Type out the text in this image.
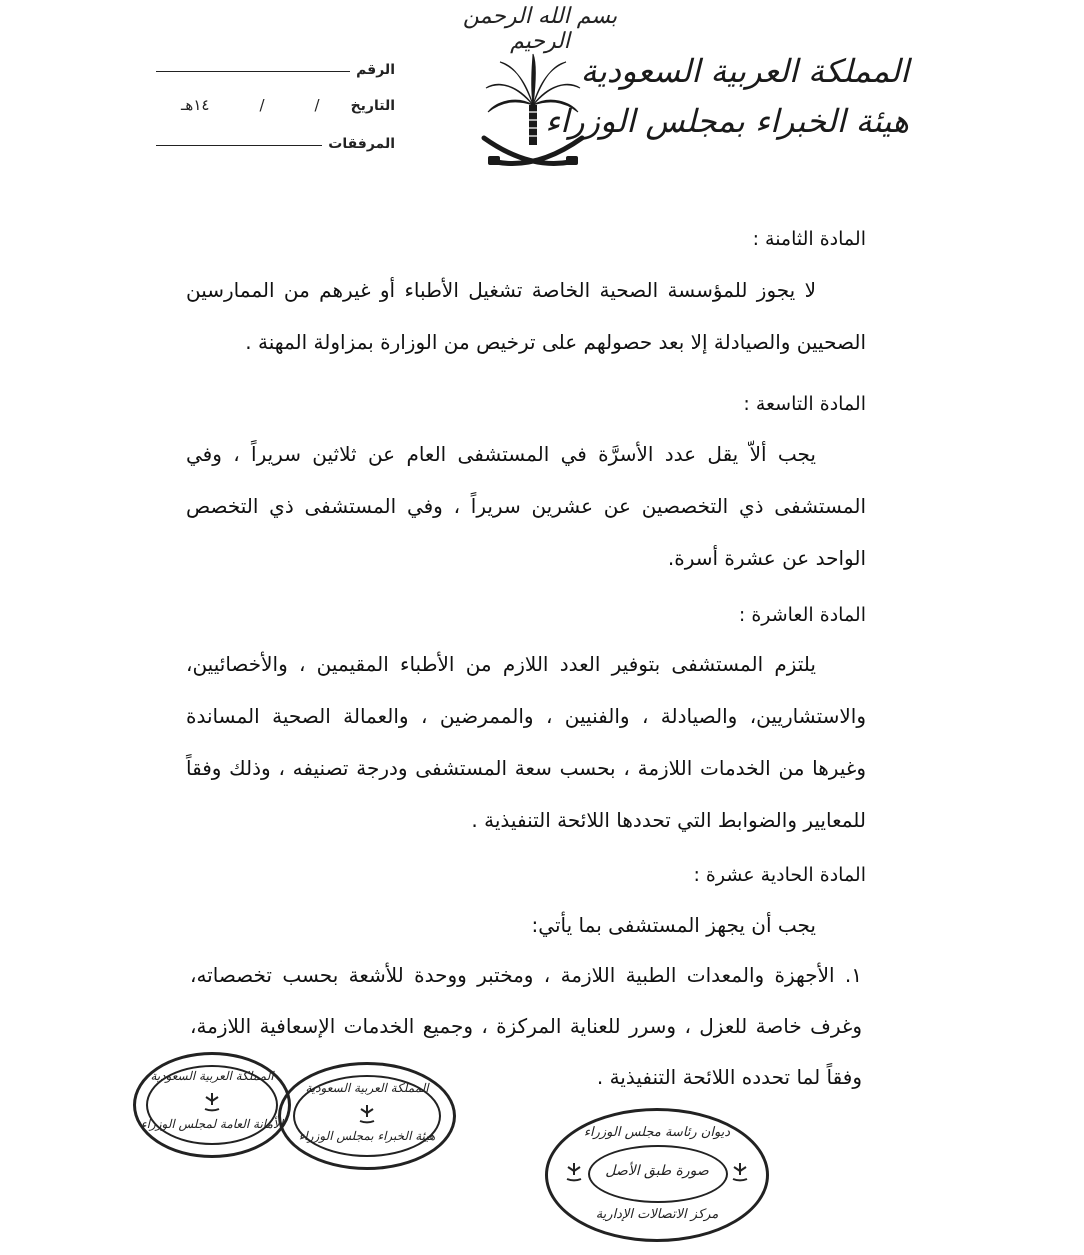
بسم الله الرحمن الرحيم
المملكة العربية السعودية
هيئة الخبراء بمجلس الوزراء
الرقم
التاريخ
/
/
١٤هـ
المرفقات
المادة الثامنة :
لا يجوز للمؤسسة الصحية الخاصة تشغيل الأطباء أو غيرهم من الممارسين الصحيين والصيادلة إلا بعد حصولهم على ترخيص من الوزارة بمزاولة المهنة .
المادة التاسعة :
يجب ألاّ يقل عدد الأسرَّة في المستشفى العام عن ثلاثين سريراً ، وفي المستشفى ذي التخصصين عن عشرين سريراً ، وفي المستشفى ذي التخصص الواحد عن عشرة أسرة.
المادة العاشرة :
يلتزم المستشفى بتوفير العدد اللازم من الأطباء المقيمين ، والأخصائيين، والاستشاريين، والصيادلة ، والفنيين ، والممرضين ، والعمالة الصحية المساندة وغيرها من الخدمات اللازمة ، بحسب سعة المستشفى ودرجة تصنيفه ، وذلك وفقاً للمعايير والضوابط التي تحددها اللائحة التنفيذية .
المادة الحادية عشرة :
يجب أن يجهز المستشفى بما يأتي:
١. الأجهزة والمعدات الطبية اللازمة ، ومختبر ووحدة للأشعة بحسب تخصصاته، وغرف خاصة للعزل ، وسرر للعناية المركزة ، وجميع الخدمات الإسعافية اللازمة، وفقاً لما تحدده اللائحة التنفيذية .
المملكة العربية السعودية
الأمانة العامة لمجلس الوزراء
المملكة العربية السعودية
هيئة الخبراء بمجلس الوزراء	ديوان رئاسة مجلس الوزراء
صورة طبق الأصل
مركز الاتصالات الإدارية
